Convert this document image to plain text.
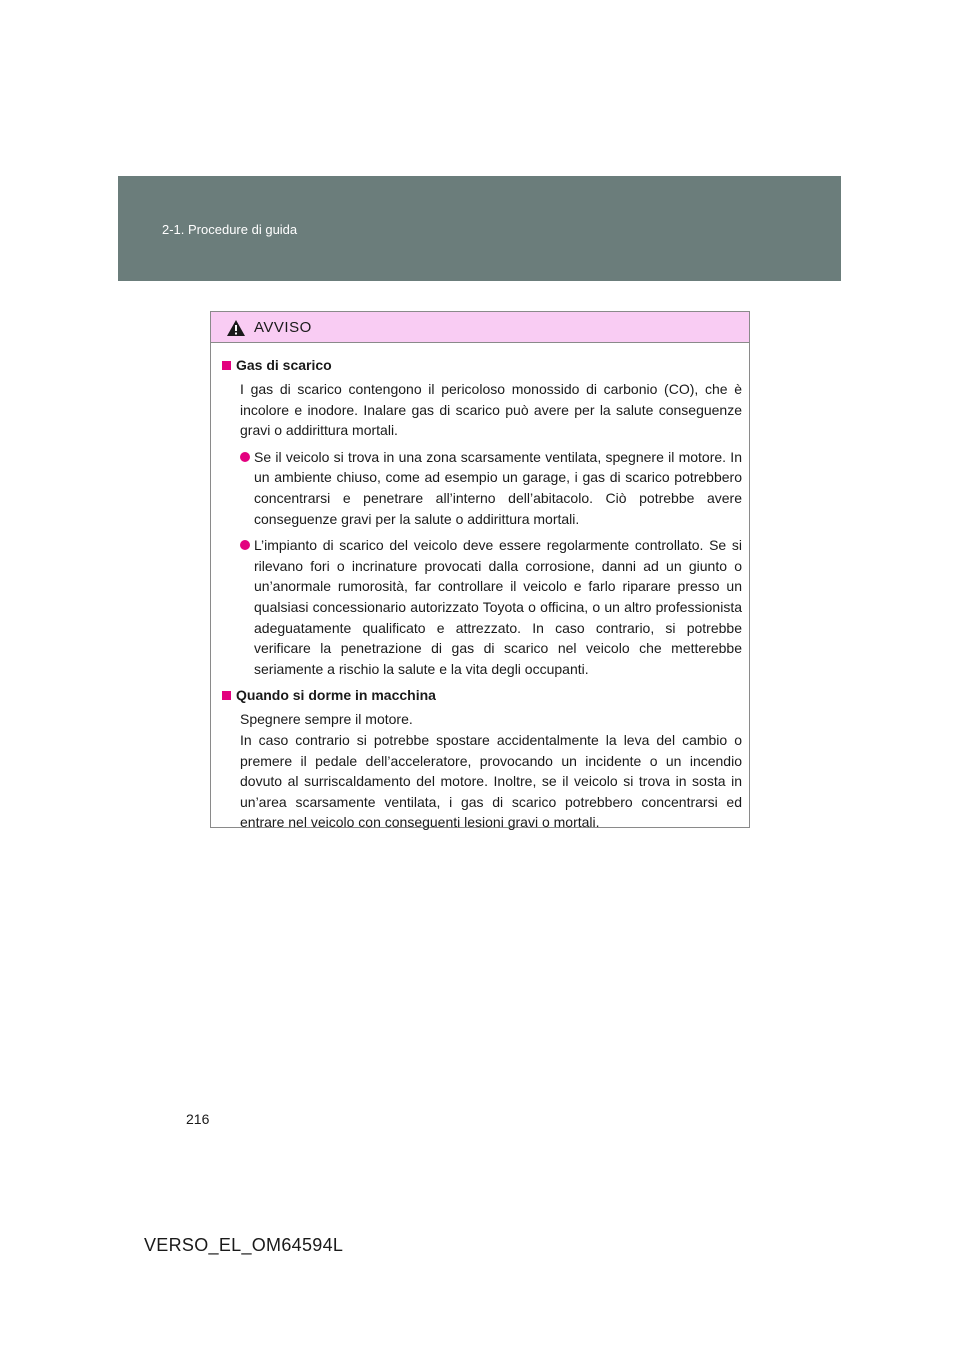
2-1. Procedure di guida
AVVISO
Gas di scarico
I gas di scarico contengono il pericoloso monossido di carbonio (CO), che è incolore e inodore. Inalare gas di scarico può avere per la salute conseguenze gravi o addirittura mortali.
Se il veicolo si trova in una zona scarsamente ventilata, spegnere il motore. In un ambiente chiuso, come ad esempio un garage, i gas di scarico potrebbero concentrarsi e penetrare all’interno dell’abitacolo. Ciò potrebbe avere conseguenze gravi per la salute o addirittura mortali.
L’impianto di scarico del veicolo deve essere regolarmente controllato. Se si rilevano fori o incrinature provocati dalla corrosione, danni ad un giunto o un’anormale rumorosità, far controllare il veicolo e farlo riparare presso un qualsiasi concessionario autorizzato Toyota o officina, o un altro professionista adeguatamente qualificato e attrezzato. In caso contrario, si potrebbe verificare la penetrazione di gas di scarico nel veicolo che metterebbe seriamente a rischio la salute e la vita degli occupanti.
Quando si dorme in macchina
Spegnere sempre il motore.
In caso contrario si potrebbe spostare accidentalmente la leva del cambio o premere il pedale dell’acceleratore, provocando un incidente o un incendio dovuto al surriscaldamento del motore. Inoltre, se il veicolo si trova in sosta in un’area scarsamente ventilata, i gas di scarico potrebbero concentrarsi ed entrare nel veicolo con conseguenti lesioni gravi o mortali.
216
VERSO_EL_OM64594L
